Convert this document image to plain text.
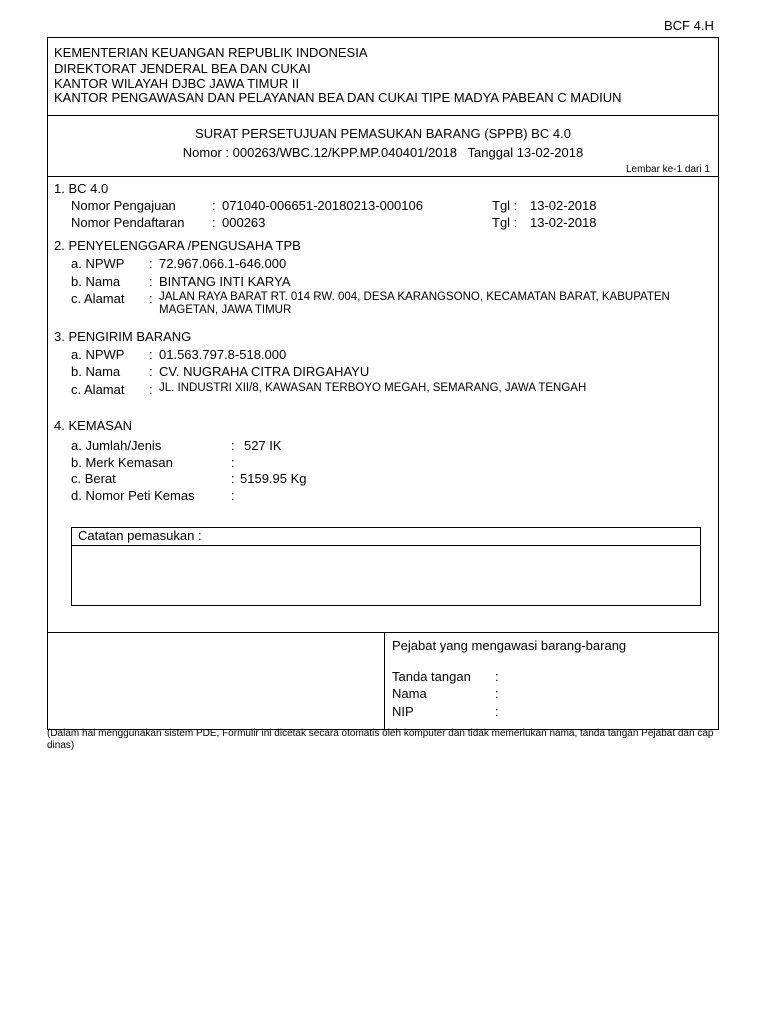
BCF 4.H
KEMENTERIAN KEUANGAN REPUBLIK INDONESIA
DIREKTORAT JENDERAL BEA DAN CUKAI
KANTOR WILAYAH DJBC JAWA TIMUR II
KANTOR PENGAWASAN DAN PELAYANAN BEA DAN CUKAI TIPE MADYA PABEAN C MADIUN
SURAT PERSETUJUAN PEMASUKAN BARANG (SPPB) BC 4.0
Nomor : 000263/WBC.12/KPP.MP.040401/2018   Tanggal 13-02-2018
Lembar ke-1 dari 1
1. BC 4.0
Nomor Pengajuan	: 071040-006651-20180213-000106	Tgl : 13-02-2018
Nomor Pendaftaran : 000263	Tgl : 13-02-2018
2. PENYELENGGARA /PENGUSAHA TPB
a. NPWP : 72.967.066.1-646.000
b. Nama : BINTANG INTI KARYA
c. Alamat : JALAN RAYA BARAT RT. 014 RW. 004, DESA KARANGSONO, KECAMATAN BARAT, KABUPATEN
MAGETAN, JAWA TIMUR
3. PENGIRIM BARANG
a. NPWP : 01.563.797.8-518.000
b. Nama : CV. NUGRAHA CITRA DIRGAHAYU
c. Alamat : JL. INDUSTRI XII/8, KAWASAN TERBOYO MEGAH, SEMARANG, JAWA TENGAH
4. KEMASAN
a. Jumlah/Jenis	: 527 IK
b. Merk Kemasan	:
c. Berat	: 5159.95 Kg
d. Nomor Peti Kemas	:
Catatan pemasukan :
Pejabat yang mengawasi barang-barang
Tanda tangan :
Nama	:
NIP	:
(Dalam hal menggunakan sistem PDE, Formulir ini dicetak secara otomatis oleh komputer dan tidak memerlukan nama, tanda tangan Pejabat dan cap dinas)
